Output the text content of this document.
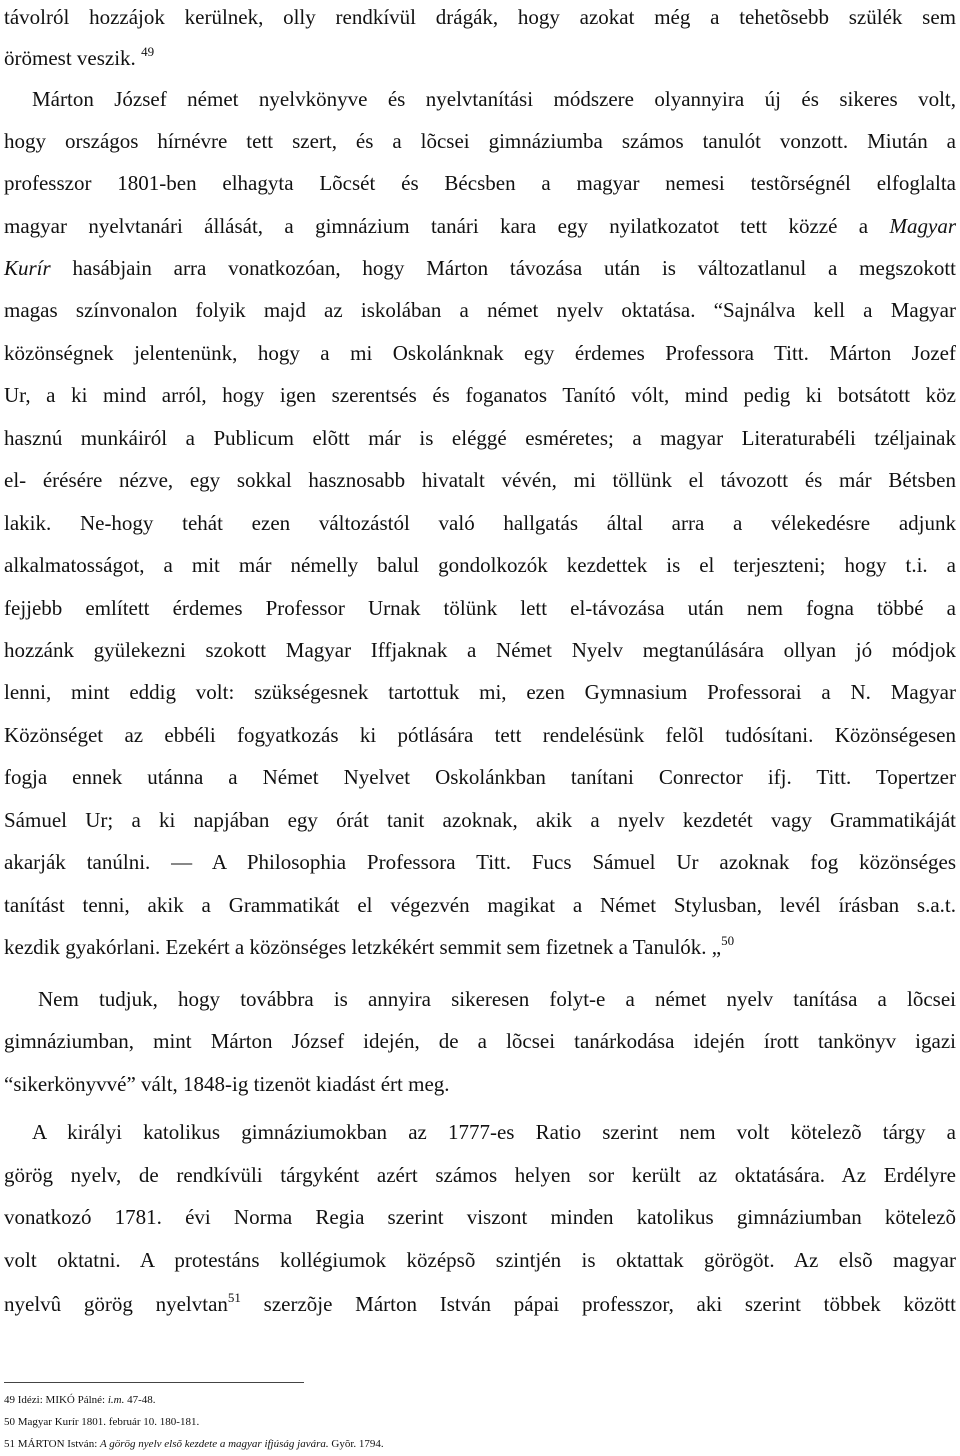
távolról hozzájok kerülnek, olly rendkívül drágák, hogy azokat még a tehetõsebb szülék sem
örömest veszik. $^{49}$
Márton József német nyelvkönyve és nyelvtanítási módszere olyannyira új és sikeres volt,
hogy országos hírnévre tett szert, és a lõcsei gimnáziumba számos tanulót vonzott. Miután a
professzor 1801-ben elhagyta Lõcsét és Bécsben a magyar nemesi testõrségnél elfoglalta
magyar nyelvtanári állását, a gimnázium tanári kara egy nyilatkozatot tett közzé a Magyar
Kurír hasábjain arra vonatkozóan, hogy Márton távozása után is változatlanul a megszokott
magas színvonalon folyik majd az iskolában a német nyelv oktatása. “Sajnálva kell a Magyar
közönségnek jelentenünk, hogy a mi Oskolánknak egy érdemes Professora Titt. Márton Jozef
Ur, a ki mind arról, hogy igen szerentsés és foganatos Tanító vólt, mind pedig ki botsátott köz
hasznú munkáiról a Publicum elõtt már is eléggé esméretes; a magyar Literaturabéli tzéljainak
el- érésére nézve, egy sokkal hasznosabb hivatalt vévén, mi töllünk el távozott és már Bétsben
lakik. Ne-hogy tehát ezen változástól való hallgatás által arra a vélekedésre adjunk
alkalmatosságot, a mit már némelly balul gondolkozók kezdettek is el terjeszteni; hogy t.i. a
fejjebb említett érdemes Professor Urnak tölünk lett el-távozása után nem fogna többé a
hozzánk gyülekezni szokott Magyar Iffjaknak a Német Nyelv megtanúlására ollyan jó módjok
lenni, mint eddig volt: szükségesnek tartottuk mi, ezen Gymnasium Professorai a N. Magyar
Közönséget az ebbéli fogyatkozás ki pótlására tett rendelésünk felõl tudósítani. Közönségesen
fogja ennek utánna a Német Nyelvet Oskolánkban tanítani Conrector ifj. Titt. Topertzer
Sámuel Ur; a ki napjában egy órát tanit azoknak, akik a nyelv kezdetét vagy Grammatikáját
akarják tanúlni. — A Philosophia Professora Titt. Fucs Sámuel Ur azoknak fog közönséges
tanítást tenni, akik a Grammatikát el végezvén magikat a Német Stylusban, levél írásban s.a.t.
kezdik gyakórlani. Ezekért a közönséges letzkékért semmit sem fizetnek a Tanulók. „$^{50}$
Nem tudjuk, hogy továbbra is annyira sikeresen folyt-e a német nyelv tanítása a lõcsei
gimnáziumban, mint Márton József idején, de a lõcsei tanárkodása idején írott tankönyv igazi
“sikerkönyvvé” vált, 1848-ig tizenöt kiadást ért meg.
A királyi katolikus gimnáziumokban az 1777-es Ratio szerint nem volt kötelezõ tárgy a
görög nyelv, de rendkívüli tárgyként azért számos helyen sor került az oktatására. Az Erdélyre
vonatkozó 1781. évi Norma Regia szerint viszont minden katolikus gimnáziumban kötelezõ
volt oktatni. A protestáns kollégiumok középsõ szintjén is oktattak görögöt. Az elsõ magyar
nyelvû görög nyelvtan$^{51}$ szerzõje Márton István pápai professzor, aki szerint többek között
49 Idézi: MIKÓ Pálné: i.m. 47-48.
50 Magyar Kurír 1801. február 10. 180-181.
51 MÁRTON István: A görög nyelv elsõ kezdete a magyar ifjúság javára. Gyõr. 1794.
